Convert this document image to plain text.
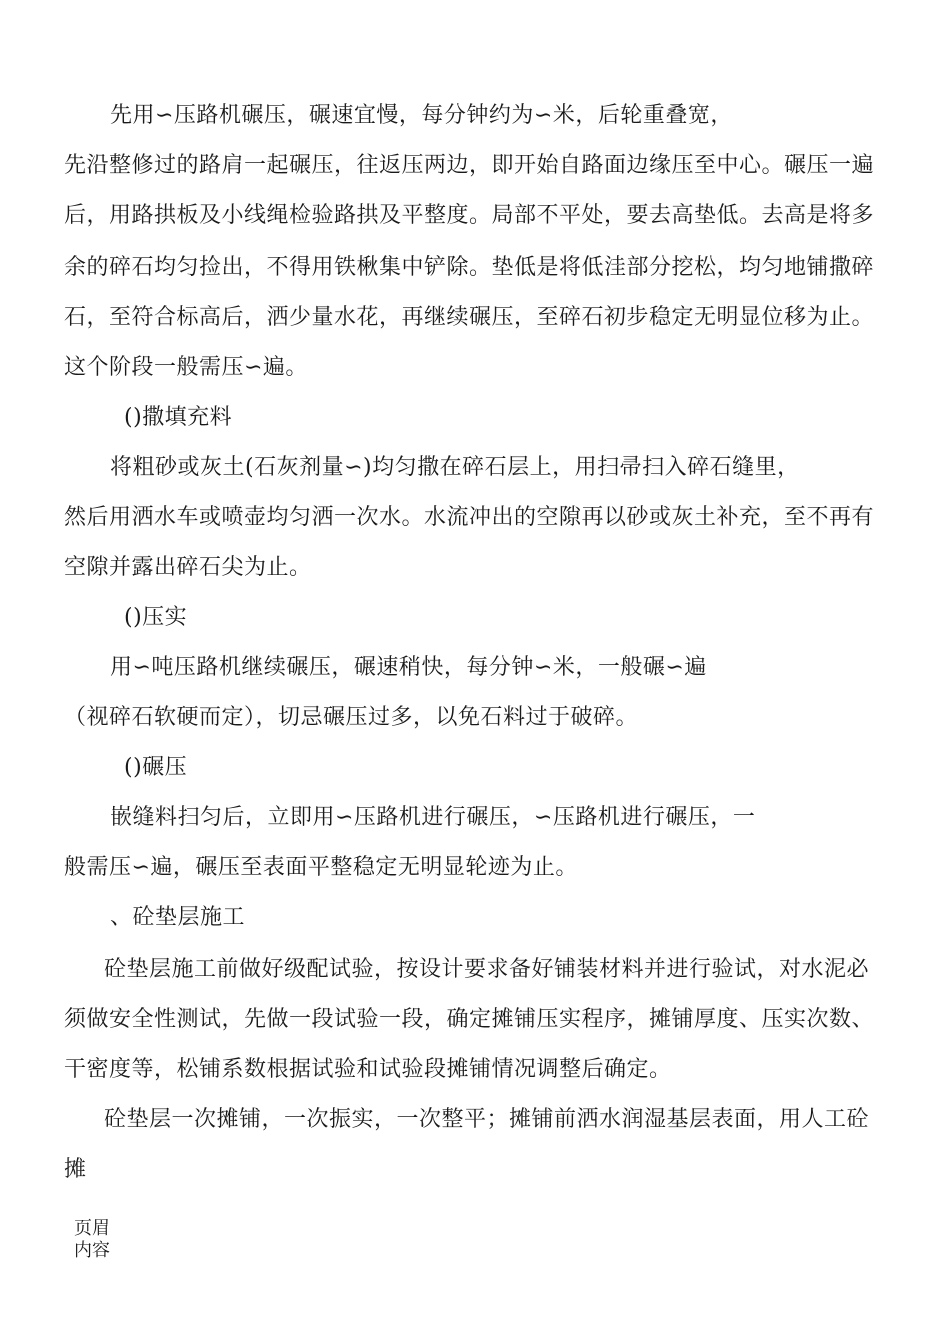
先用∽压路机碾压，碾速宜慢，每分钟约为∽米，后轮重叠宽，
先沿整修过的路肩一起碾压，往返压两边，即开始自路面边缘压至中心。碾压一遍
后，用路拱板及小线绳检验路拱及平整度。局部不平处，要去高垫低。去高是将多
余的碎石均匀捡出，不得用铁楸集中铲除。垫低是将低洼部分挖松，均匀地铺撒碎
石，至符合标高后，洒少量水花，再继续碾压，至碎石初步稳定无明显位移为止。
这个阶段一般需压∽遍。
()撒填充料
将粗砂或灰土(石灰剂量∽)均匀撒在碎石层上，用扫帚扫入碎石缝里，
然后用洒水车或喷壶均匀洒一次水。水流冲出的空隙再以砂或灰土补充，至不再有
空隙并露出碎石尖为止。
()压实
用∽吨压路机继续碾压，碾速稍快，每分钟∽米，一般碾∽遍
（视碎石软硬而定），切忌碾压过多，以免石料过于破碎。
()碾压
嵌缝料扫匀后，立即用∽压路机进行碾压，∽压路机进行碾压，一
般需压∽遍，碾压至表面平整稳定无明显轮迹为止。
、砼垫层施工
砼垫层施工前做好级配试验，按设计要求备好铺装材料并进行验试，对水泥必
须做安全性测试，先做一段试验一段，确定摊铺压实程序，摊铺厚度、压实次数、
干密度等，松铺系数根据试验和试验段摊铺情况调整后确定。
砼垫层一次摊铺，一次振实，一次整平；摊铺前洒水润湿基层表面，用人工砼
摊
页眉
内容
